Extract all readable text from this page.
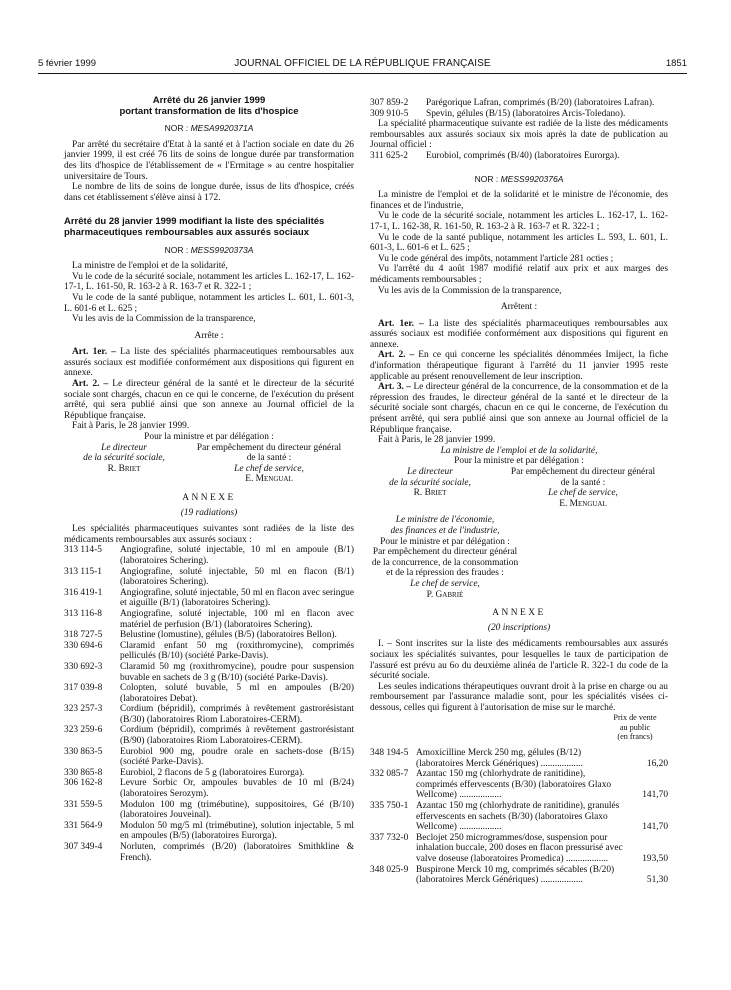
5 février 1999	JOURNAL OFFICIEL DE LA RÉPUBLIQUE FRANÇAISE	1851
Arrêté du 26 janvier 1999
portant transformation de lits d'hospice
NOR : MESA9920371A

Par arrêté du secrétaire d'Etat à la santé et à l'action sociale en date du 26 janvier 1999, il est créé 76 lits de soins de longue durée par transformation des lits d'hospice de l'établissement de « l'Ermitage » au centre hospitalier universitaire de Tours.

Le nombre de lits de soins de longue durée, issus de lits d'hospice, créés dans cet établissement s'élève ainsi à 172.

Arrêté du 28 janvier 1999 modifiant la liste des spécialités pharmaceutiques remboursables aux assurés sociaux
NOR : MESS9920373A

La ministre de l'emploi et de la solidarité,

Vu le code de la sécurité sociale, notamment les articles L. 162-17, L. 162-17-1, L. 161-50, R. 163-2 à R. 163-7 et R. 322-1 ;

Vu le code de la santé publique, notamment les articles L. 601, L. 601-3, L. 601-6 et L. 625 ;

Vu les avis de la Commission de la transparence,

Arrête :

Art. 1er. – La liste des spécialités pharmaceutiques remboursables aux assurés sociaux est modifiée conformément aux dispositions qui figurent en annexe.

Art. 2. – Le directeur général de la santé et le directeur de la sécurité sociale sont chargés, chacun en ce qui le concerne, de l'exécution du présent arrêté, qui sera publié ainsi que son annexe au Journal officiel de la République française.

Fait à Paris, le 28 janvier 1999.

Pour la ministre et par délégation :
Le directeur
de la sécurité sociale,
R. Briet
Par empêchement du directeur général
de la santé :
Le chef de service,
E. Mengual
ANNEXE
(19 radiations)

Les spécialités pharmaceutiques suivantes sont radiées de la liste des médicaments remboursables aux assurés sociaux :

313 114-5	Angiografine, soluté injectable, 10 ml en ampoule (B/1) (laboratoires Schering).
313 115-1	Angiografine, soluté injectable, 50 ml en flacon (B/1) (laboratoires Schering).
316 419-1	Angiografine, soluté injectable, 50 ml en flacon avec seringue et aiguille (B/1) (laboratoires Schering).
313 116-8	Angiografine, soluté injectable, 100 ml en flacon avec matériel de perfusion (B/1) (laboratoires Schering).
318 727-5	Belustine (lomustine), gélules (B/5) (laboratoires Bellon).
330 694-6	Claramid enfant 50 mg (roxithromycine), comprimés pelliculés (B/10) (société Parke-Davis).
330 692-3	Claramid 50 mg (roxithromycine), poudre pour suspension buvable en sachets de 3 g (B/10) (société Parke-Davis).
317 039-8	Colopten, soluté buvable, 5 ml en ampoules (B/20) (laboratoires Debat).
323 257-3	Cordium (bépridil), comprimés à revêtement gastrorésistant (B/30) (laboratoires Riom Laboratoires-CERM).
323 259-6	Cordium (bépridil), comprimés à revêtement gastrorésistant (B/90) (laboratoires Riom Laboratoires-CERM).
330 863-5	Eurobiol 900 mg, poudre orale en sachets-dose (B/15) (société Parke-Davis).
330 865-8	Eurobiol, 2 flacons de 5 g (laboratoires Eurorga).
306 162-8	Levure Sorbic Or, ampoules buvables de 10 ml (B/24) (laboratoires Serozym).
331 559-5	Modulon 100 mg (trimébutine), suppositoires, Gé (B/10) (laboratoires Jouveinal).
331 564-9	Modulon 50 mg/5 ml (trimébutine), solution injectable, 5 ml en ampoules (B/5) (laboratoires Eurorga).
307 349-4	Norluten, comprimés (B/20) (laboratoires Smithkline & French).
307 859-2	Parégorique Lafran, comprimés (B/20) (laboratoires Lafran).
309 910-5	Spevin, gélules (B/15) (laboratoires Arcis-Toledano).

La spécialité pharmaceutique suivante est radiée de la liste des médicaments remboursables aux assurés sociaux six mois après la date de publication au Journal officiel :

311 625-2	Eurobiol, comprimés (B/40) (laboratoires Eurorga).
NOR : MESS9920376A

La ministre de l'emploi et de la solidarité et le ministre de l'économie, des finances et de l'industrie,

Vu le code de la sécurité sociale, notamment les articles L. 162-17, L. 162-17-1, L. 162-38, R. 161-50, R. 163-2 à R. 163-7 et R. 322-1 ;

Vu le code de la santé publique, notamment les articles L. 593, L. 601, L. 601-3, L. 601-6 et L. 625 ;

Vu le code général des impôts, notamment l'article 281 octies ;

Vu l'arrêté du 4 août 1987 modifié relatif aux prix et aux marges des médicaments remboursables ;

Vu les avis de la Commission de la transparence,

Arrêtent :

Art. 1er. – La liste des spécialités pharmaceutiques remboursables aux assurés sociaux est modifiée conformément aux dispositions qui figurent en annexe.

Art. 2. – En ce qui concerne les spécialités dénommées Imiject, la fiche d'information thérapeutique figurant à l'arrêté du 11 janvier 1995 reste applicable au présent renouvellement de leur inscription.

Art. 3. – Le directeur général de la concurrence, de la consommation et de la répression des fraudes, le directeur général de la santé et le directeur de la sécurité sociale sont chargés, chacun en ce qui le concerne, de l'exécution du présent arrêté, qui sera publié ainsi que son annexe au Journal officiel de la République française.

Fait à Paris, le 28 janvier 1999.

La ministre de l'emploi et de la solidarité,
Pour la ministre et par délégation :
Le directeur
de la sécurité sociale,
R. Briet
Par empêchement du directeur général
de la santé :
Le chef de service,
E. Mengual
Le ministre de l'économie,
des finances et de l'industrie,
Pour le ministre et par délégation :
Par empêchement du directeur général
de la concurrence, de la consommation
et de la répression des fraudes :
Le chef de service,
P. Gabrié
ANNEXE
(20 inscriptions)

I. – Sont inscrites sur la liste des médicaments remboursables aux assurés sociaux les spécialités suivantes, pour lesquelles le taux de participation de l'assuré est prévu au 6o du deuxième alinéa de l'article R. 322-1 du code de la sécurité sociale.

Les seules indications thérapeutiques ouvrant droit à la prise en charge ou au remboursement par l'assurance maladie sont, pour les spécialités visées ci-dessous, celles qui figurent à l'autorisation de mise sur le marché.

Prix de vente
au public
(en francs)
348 194-5 Amoxicilline Merck 250 mg, gélules (B/12) (laboratoires Merck Génériques) ..................	16,20
332 085-7 Azantac 150 mg (chlorhydrate de ranitidine), comprimés effervescents (B/30) (laboratoires Glaxo Wellcome) ..................	141,70
335 750-1 Azantac 150 mg (chlorhydrate de ranitidine), granulés effervescents en sachets (B/30) (laboratoires Glaxo Wellcome) ..................	141,70
337 732-0 Beclojet 250 microgrammes/dose, suspension pour inhalation buccale, 200 doses en flacon pressurisé avec valve doseuse (laboratoires Promedica) ..................	193,50
348 025-9 Buspirone Merck 10 mg, comprimés sécables (B/20) (laboratoires Merck Génériques) ..................	51,30
